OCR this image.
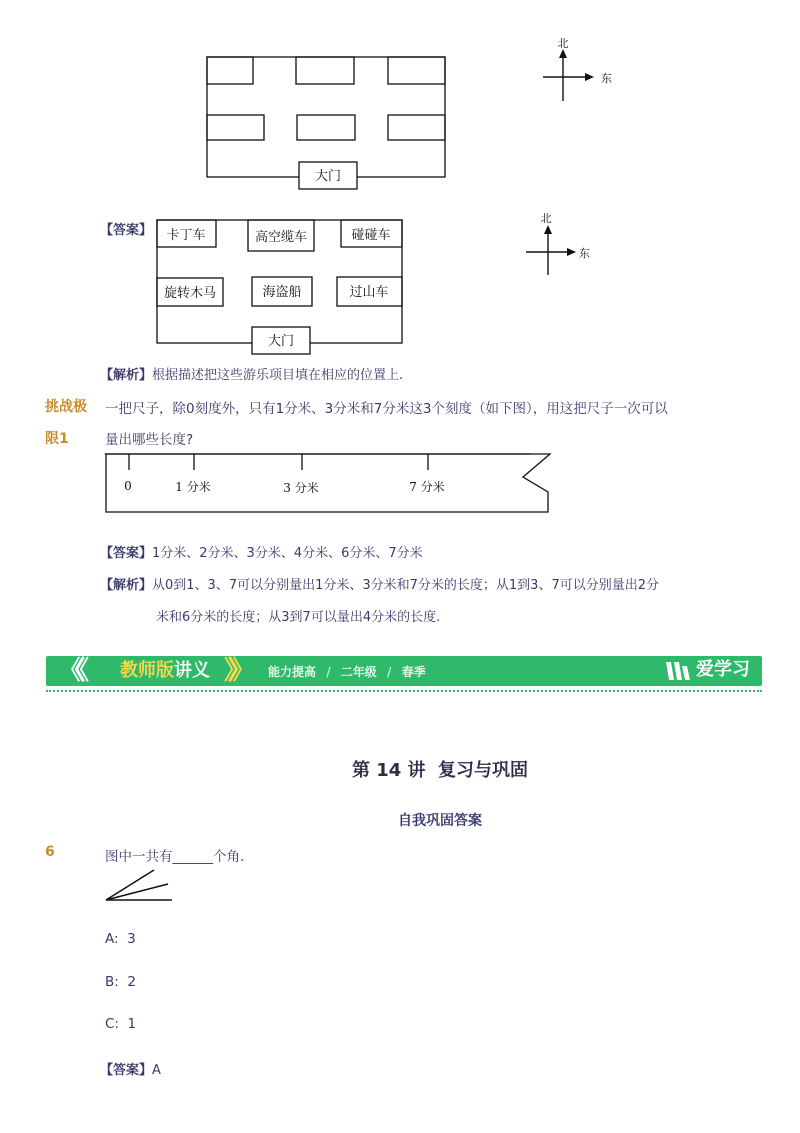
大门
北
东
【答案】 卡丁车	高空缆车	碰碰车
旋转木马	海盗船	过山车
大门
北
东
【解析】根据描述把这些游乐项目填在相应的位置上.
挑战极
限1
一把尺子，除0刻度外，只有1分米、3分米和7分米这3个刻度（如下图），用这把尺子一次可以
量出哪些长度?
0	1 分米	3 分米	7 分米
【答案】1分米、2分米、3分米、4分米、6分米、7分米
【解析】从0到1、3、7可以分别量出1分米、3分米和7分米的长度；从1到3、7可以分别量出2分
米和6分米的长度；从3到7可以量出4分米的长度.
《《 教师版讲义 》》 能力提高 / 二年级 / 春季	爱学习
第 14 讲  复习与巩固
自我巩固答案
6	图中一共有______个角.
A:  3
B:  2
C:  1
【答案】A
